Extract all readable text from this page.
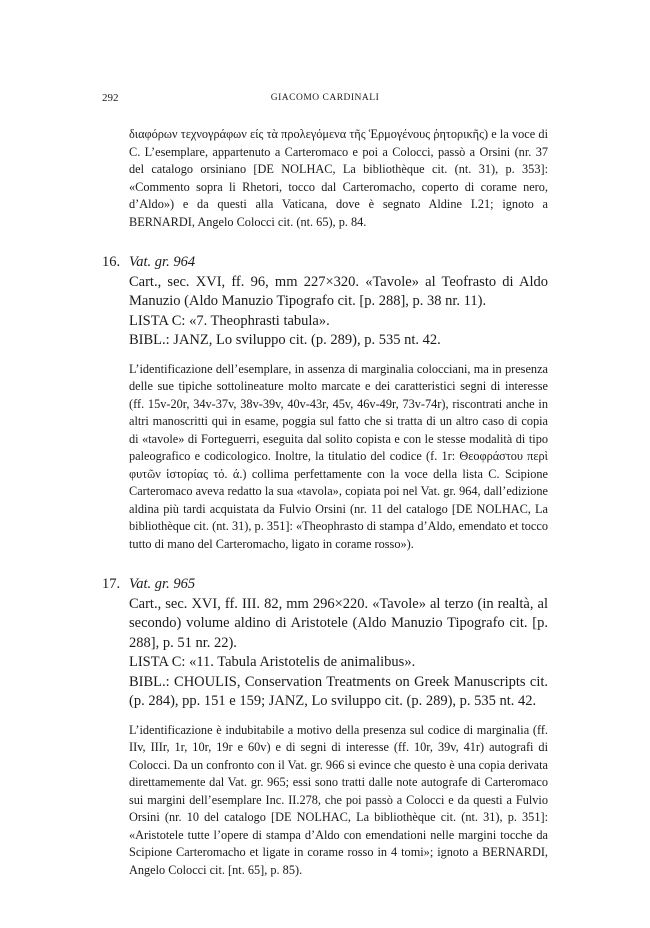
292	GIACOMO CARDINALI

διαφόρων τεχνογράφων είς τὰ προλεγόμενα τῆς Ἑρμογένους ῥητορικῆς) e la voce di C. L’esemplare, appartenuto a Carteromaco e poi a Colocci, passò a Orsini (nr. 37 del catalogo orsiniano [DE NOLHAC, La bibliothèque cit. (nt. 31), p. 353]: «Commento sopra li Rhetori, tocco dal Carteromacho, coperto di corame nero, d’Aldo») e da questi alla Vaticana, dove è segnato Aldine I.21; ignoto a BERNARDI, Angelo Colocci cit. (nt. 65), p. 84.

16. Vat. gr. 964
Cart., sec. XVI, ff. 96, mm 227×320. «Tavole» al Teofrasto di Aldo Manuzio (Aldo Manuzio Tipografo cit. [p. 288], p. 38 nr. 11).
LISTA C: «7. Theophrasti tabula».
BIBL.: JANZ, Lo sviluppo cit. (p. 289), p. 535 nt. 42.

L’identificazione dell’esemplare, in assenza di marginalia colocciani, ma in presenza delle sue tipiche sottolineature molto marcate e dei caratteristici segni di interesse (ff. 15v-20r, 34v-37v, 38v-39v, 40v-43r, 45v, 46v-49r, 73v-74r), riscontrati anche in altri manoscritti qui in esame, poggia sul fatto che si tratta di un altro caso di copia di «tavole» di Forteguerri, eseguita dal solito copista e con le stesse modalità di tipo paleografico e codicologico. Inoltre, la titulatio del codice (f. 1r: Θεοφράστου περὶ φυτῶν ἱστορίας τό. ά.) collima perfettamente con la voce della lista C. Scipione Carteromaco aveva redatto la sua «tavola», copiata poi nel Vat. gr. 964, dall’edizione aldina più tardi acquistata da Fulvio Orsini (nr. 11 del catalogo [DE NOLHAC, La bibliothèque cit. (nt. 31), p. 351]: «Theophrasto di stampa d’Aldo, emendato et tocco tutto di mano del Carteromacho, ligato in corame rosso»).

17. Vat. gr. 965
Cart., sec. XVI, ff. III. 82, mm 296×220. «Tavole» al terzo (in realtà, al secondo) volume aldino di Aristotele (Aldo Manuzio Tipografo cit. [p. 288], p. 51 nr. 22).
LISTA C: «11. Tabula Aristotelis de animalibus».
BIBL.: CHOULIS, Conservation Treatments on Greek Manuscripts cit. (p. 284), pp. 151 e 159; JANZ, Lo sviluppo cit. (p. 289), p. 535 nt. 42.

L’identificazione è indubitabile a motivo della presenza sul codice di marginalia (ff. IIv, IIIr, 1r, 10r, 19r e 60v) e di segni di interesse (ff. 10r, 39v, 41r) autografi di Colocci. Da un confronto con il Vat. gr. 966 si evince che questo è una copia derivata direttamemente dal Vat. gr. 965; essi sono tratti dalle note autografe di Carteromaco sui margini dell’esemplare Inc. II.278, che poi passò a Colocci e da questi a Fulvio Orsini (nr. 10 del catalogo [DE NOLHAC, La bibliothèque cit. (nt. 31), p. 351]: «Aristotele tutte l’opere di stampa d’Aldo con emendationi nelle margini tocche da Scipione Carteromacho et ligate in corame rosso in 4 tomi»; ignoto a BERNARDI, Angelo Colocci cit. [nt. 65], p. 85).
